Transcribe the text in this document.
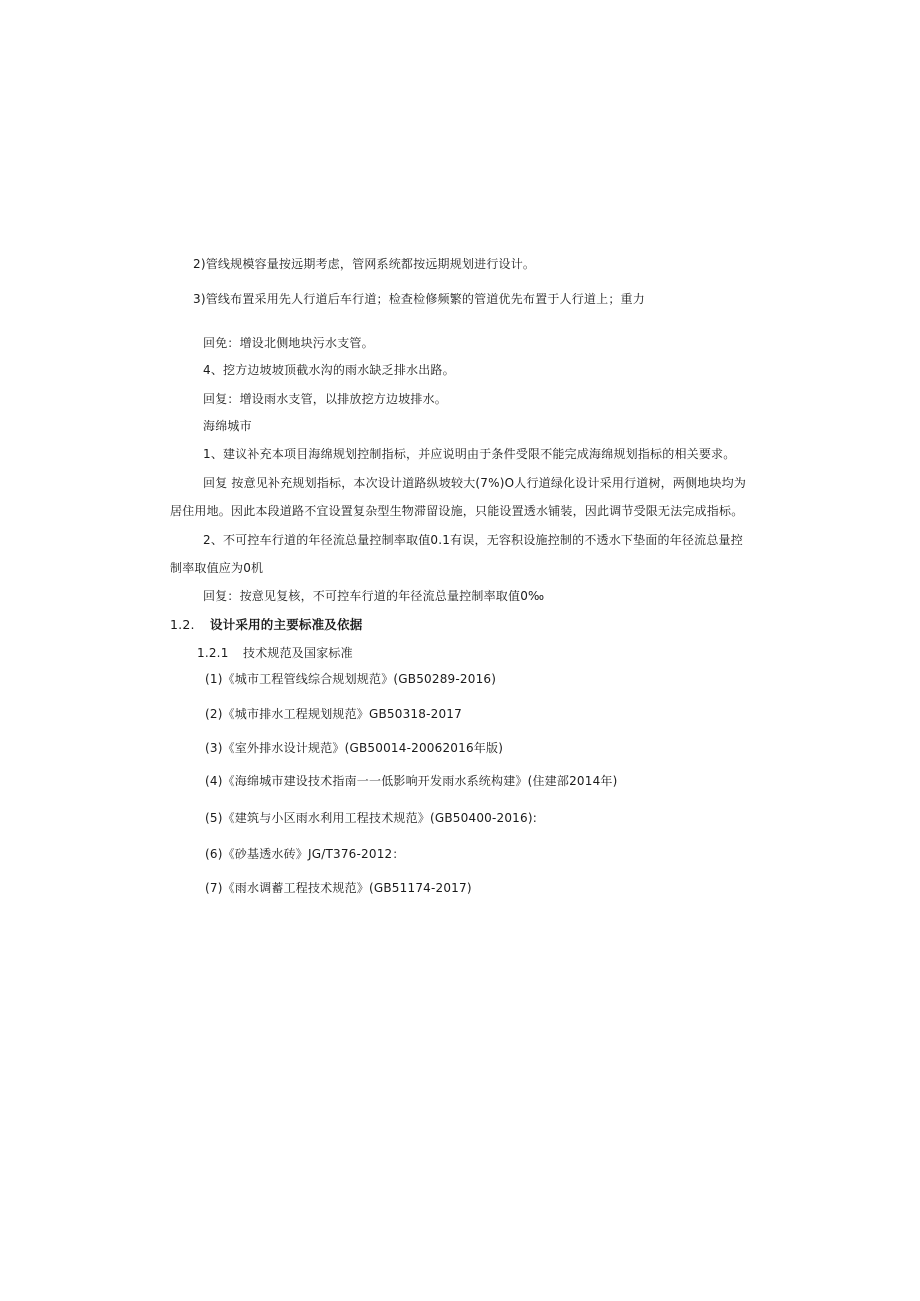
2)管线规模容量按远期考虑，管网系统都按远期规划进行设计。
3)管线布置采用先人行道后车行道；检查检修频繁的管道优先布置于人行道上；重力
回免：增设北侧地块污水支管。
4、挖方边坡坡顶截水沟的雨水缺乏排水出路。
回复：增设雨水支管，以排放挖方边坡排水。
海绵城市
1、建议补充本项目海绵规划控制指标，并应说明由于条件受限不能完成海绵规划指标的相关要求。
回复 按意见补充规划指标，本次设计道路纵坡较大(7%)O人行道绿化设计采用行道树，两侧地块均为
居住用地。因此本段道路不宜设置复杂型生物滞留设施，只能设置透水铺装，因此调节受限无法完成指标。
2、不可控车行道的年径流总量控制率取值0.1有误，无容积设施控制的不透水下垫面的年径流总量控
制率取值应为0机
回复：按意见复核，不可控车行道的年径流总量控制率取值0‰
1.2. 设计采用的主要标准及依据
1.2.1 技术规范及国家标准
(1)《城市工程管线综合规划规范》(GB50289-2016)
(2)《城市排水工程规划规范》GB50318-2017
(3)《室外排水设计规范》(GB50014-20062016年版)
(4)《海绵城市建设技术指南一一低影响开发雨水系统构建》(住建部2014年)
(5)《建筑与小区雨水利用工程技术规范》(GB50400-2016):
(6)《砂基透水砖》JG/T376-2012：
(7)《雨水调蓄工程技术规范》(GB51174-2017)
